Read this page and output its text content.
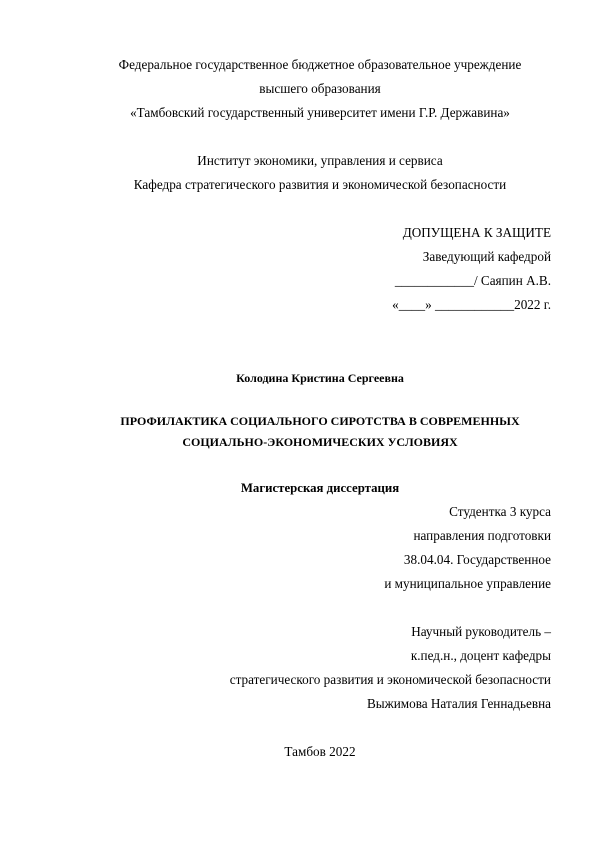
Федеральное государственное бюджетное образовательное учреждение
высшего образования
«Тамбовский государственный университет имени Г.Р. Державина»
Институт экономики, управления и сервиса
Кафедра стратегического развития и экономической безопасности
ДОПУЩЕНА К ЗАЩИТЕ
Заведующий кафедрой
____________/ Саяпин А.В.
«____» ____________2022 г.
Колодина Кристина Сергеевна
ПРОФИЛАКТИКА СОЦИАЛЬНОГО СИРОТСТВА В СОВРЕМЕННЫХ
СОЦИАЛЬНО-ЭКОНОМИЧЕСКИХ УСЛОВИЯХ
Магистерская диссертация
Студентка 3 курса
направления подготовки
38.04.04. Государственное
и муниципальное управление
Научный руководитель –
к.пед.н., доцент кафедры
стратегического развития и экономической безопасности
Выжимова Наталия Геннадьевна
Тамбов 2022
